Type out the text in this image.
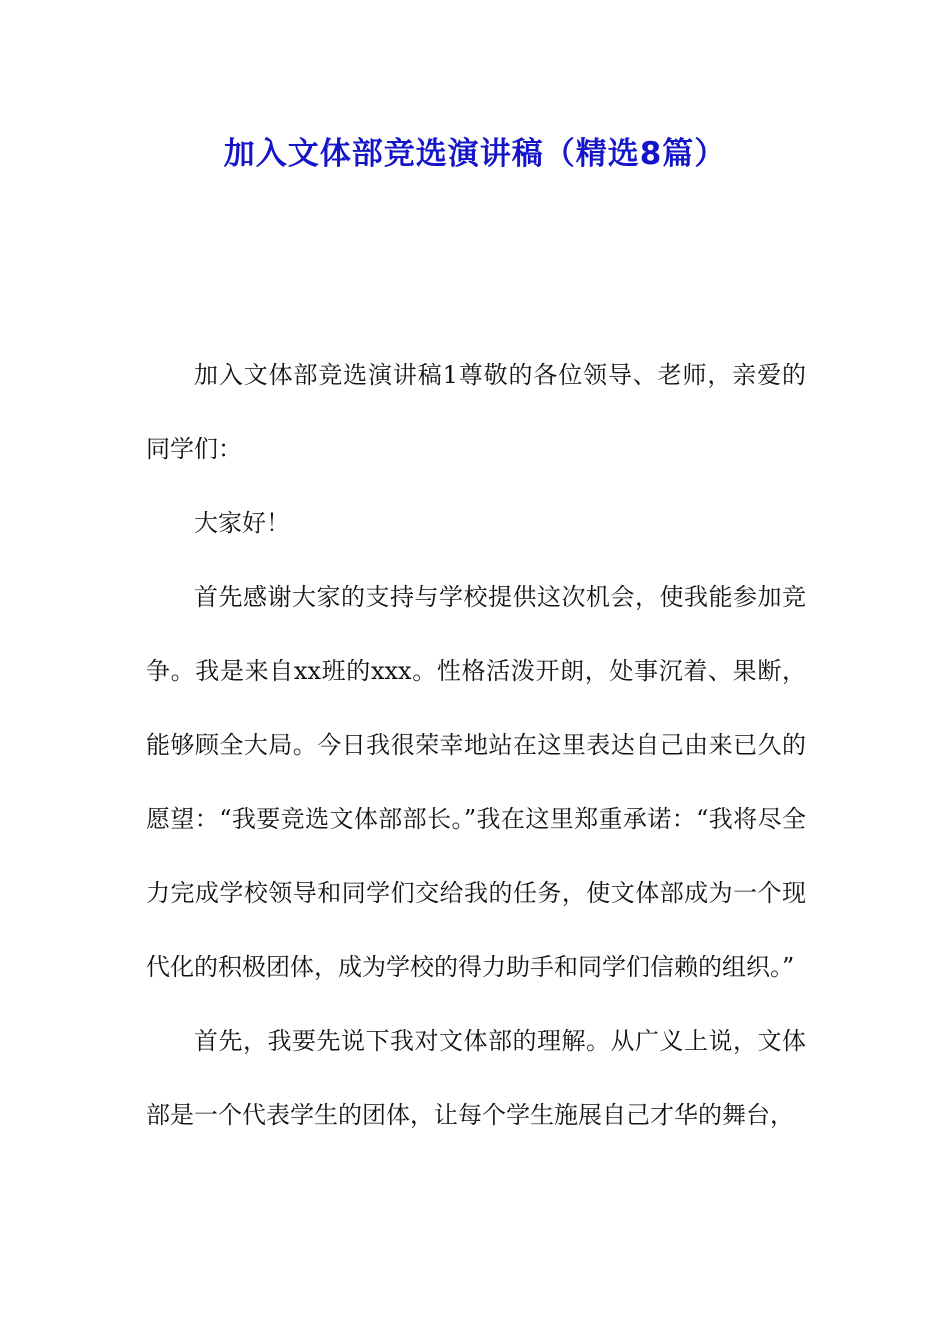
加入文体部竞选演讲稿（精选8篇）

加入文体部竞选演讲稿1尊敬的各位领导、老师，亲爱的同学们：

大家好！

首先感谢大家的支持与学校提供这次机会，使我能参加竞争。我是来自xx班的xxx。性格活泼开朗，处事沉着、果断，能够顾全大局。今日我很荣幸地站在这里表达自己由来已久的愿望：“我要竞选文体部部长。”我在这里郑重承诺：“我将尽全力完成学校领导和同学们交给我的任务，使文体部成为一个现代化的积极团体，成为学校的得力助手和同学们信赖的组织。”

首先，我要先说下我对文体部的理解。从广义上说，文体部是一个代表学生的团体，让每个学生施展自己才华的舞台，
